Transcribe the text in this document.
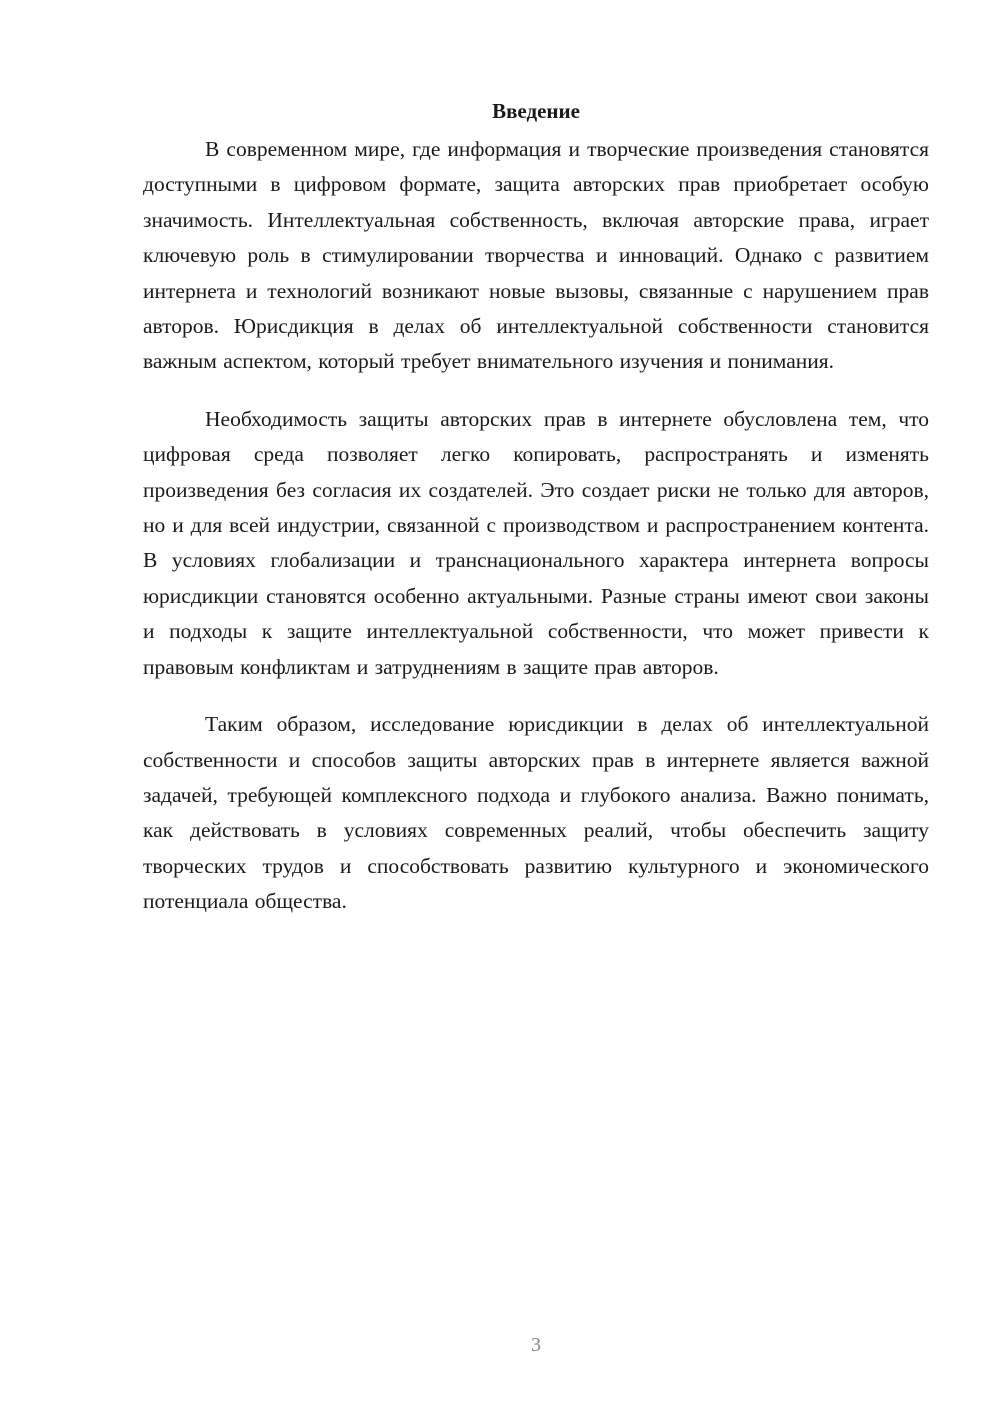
Введение

В современном мире, где информация и творческие произведения становятся доступными в цифровом формате, защита авторских прав приобретает особую значимость. Интеллектуальная собственность, включая авторские права, играет ключевую роль в стимулировании творчества и инноваций. Однако с развитием интернета и технологий возникают новые вызовы, связанные с нарушением прав авторов. Юрисдикция в делах об интеллектуальной собственности становится важным аспектом, который требует внимательного изучения и понимания.

Необходимость защиты авторских прав в интернете обусловлена тем, что цифровая среда позволяет легко копировать, распространять и изменять произведения без согласия их создателей. Это создает риски не только для авторов, но и для всей индустрии, связанной с производством и распространением контента. В условиях глобализации и транснационального характера интернета вопросы юрисдикции становятся особенно актуальными. Разные страны имеют свои законы и подходы к защите интеллектуальной собственности, что может привести к правовым конфликтам и затруднениям в защите прав авторов.

Таким образом, исследование юрисдикции в делах об интеллектуальной собственности и способов защиты авторских прав в интернете является важной задачей, требующей комплексного подхода и глубокого анализа. Важно понимать, как действовать в условиях современных реалий, чтобы обеспечить защиту творческих трудов и способствовать развитию культурного и экономического потенциала общества.

3
